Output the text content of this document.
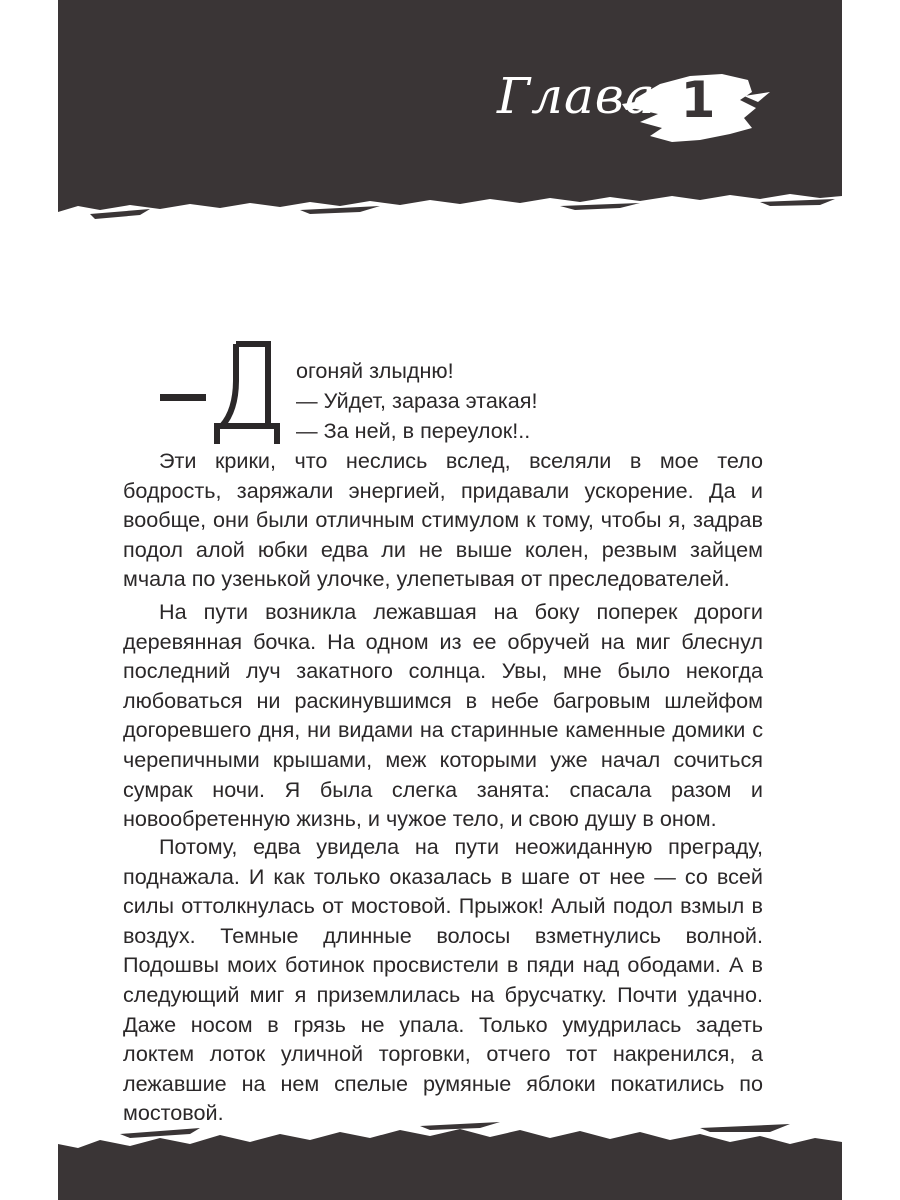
Глава 1
огоняй злыдню!
— Уйдет, зараза этакая!
— За ней, в переулок!..

Эти крики, что неслись вслед, вселяли в мое тело бодрость, заряжали энергией, придавали ускорение. Да и вообще, они были отличным стимулом к тому, чтобы я, задрав подол алой юбки едва ли не выше колен, резвым зайцем мчала по узенькой улочке, улепетывая от преследователей.

На пути возникла лежавшая на боку поперек дороги деревянная бочка. На одном из ее обручей на миг блеснул последний луч закатного солнца. Увы, мне было некогда любоваться ни раскинувшимся в небе багровым шлейфом догоревшего дня, ни видами на старинные каменные домики с черепичными крышами, меж которыми уже начал сочиться сумрак ночи. Я была слегка занята: спасала разом и новообретенную жизнь, и чужое тело, и свою душу в оном.

Потому, едва увидела на пути неожиданную преграду, поднажала. И как только оказалась в шаге от нее — со всей силы оттолкнулась от мостовой. Прыжок! Алый подол взмыл в воздух. Темные длинные волосы взметнулись волной. Подошвы моих ботинок просвистели в пяди над ободами. А в следующий миг я приземлилась на брусчатку. Почти удачно. Даже носом в грязь не упала. Только умудрилась задеть локтем лоток уличной торговки, отчего тот накренился, а лежавшие на нем спелые румяные яблоки покатились по мостовой.
